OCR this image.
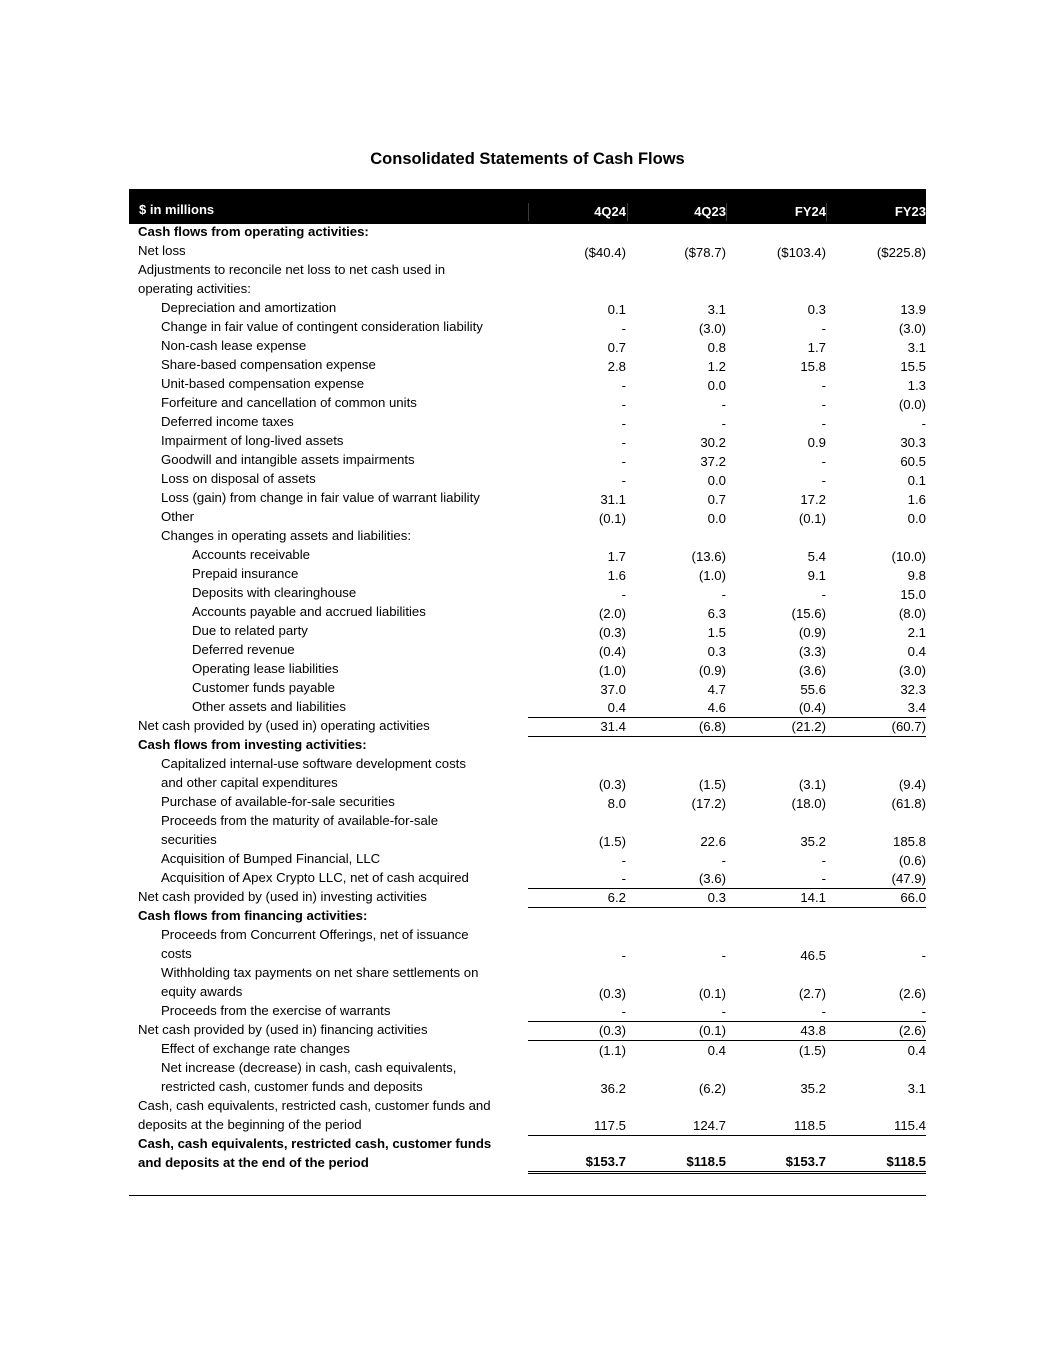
Consolidated Statements of Cash Flows
$ in millions	4Q24	4Q23	FY24	FY23
Cash flows from operating activities:
Net loss	($40.4)	($78.7)	($103.4)	($225.8)
Adjustments to reconcile net loss to net cash used in
operating activities:
Depreciation and amortization	0.1	3.1	0.3	13.9
Change in fair value of contingent consideration liability	-	(3.0)	-	(3.0)
Non-cash lease expense	0.7	0.8	1.7	3.1
Share-based compensation expense	2.8	1.2	15.8	15.5
Unit-based compensation expense	-	0.0	-	1.3
Forfeiture and cancellation of common units	-	-	-	(0.0)
Deferred income taxes	-	-	-	-
Impairment of long-lived assets	-	30.2	0.9	30.3
Goodwill and intangible assets impairments	-	37.2	-	60.5
Loss on disposal of assets	-	0.0	-	0.1
Loss (gain) from change in fair value of warrant liability	31.1	0.7	17.2	1.6
Other	(0.1)	0.0	(0.1)	0.0
Changes in operating assets and liabilities:
Accounts receivable	1.7	(13.6)	5.4	(10.0)
Prepaid insurance	1.6	(1.0)	9.1	9.8
Deposits with clearinghouse	-	-	-	15.0
Accounts payable and accrued liabilities	(2.0)	6.3	(15.6)	(8.0)
Due to related party	(0.3)	1.5	(0.9)	2.1
Deferred revenue	(0.4)	0.3	(3.3)	0.4
Operating lease liabilities	(1.0)	(0.9)	(3.6)	(3.0)
Customer funds payable	37.0	4.7	55.6	32.3
Other assets and liabilities	0.4	4.6	(0.4)	3.4
Net cash provided by (used in) operating activities	31.4	(6.8)	(21.2)	(60.7)
Cash flows from investing activities:
Capitalized internal-use software development costs
and other capital expenditures	(0.3)	(1.5)	(3.1)	(9.4)
Purchase of available-for-sale securities	8.0	(17.2)	(18.0)	(61.8)
Proceeds from the maturity of available-for-sale
securities	(1.5)	22.6	35.2	185.8
Acquisition of Bumped Financial, LLC	-	-	-	(0.6)
Acquisition of Apex Crypto LLC, net of cash acquired	-	(3.6)	-	(47.9)
Net cash provided by (used in) investing activities	6.2	0.3	14.1	66.0
Cash flows from financing activities:
Proceeds from Concurrent Offerings, net of issuance
costs	-	-	46.5	-
Withholding tax payments on net share settlements on
equity awards	(0.3)	(0.1)	(2.7)	(2.6)
Proceeds from the exercise of warrants	-	-	-	-
Net cash provided by (used in) financing activities	(0.3)	(0.1)	43.8	(2.6)
Effect of exchange rate changes	(1.1)	0.4	(1.5)	0.4
Net increase (decrease) in cash, cash equivalents,
restricted cash, customer funds and deposits	36.2	(6.2)	35.2	3.1
Cash, cash equivalents, restricted cash, customer funds and
deposits at the beginning of the period	117.5	124.7	118.5	115.4
Cash, cash equivalents, restricted cash, customer funds
and deposits at the end of the period	$153.7	$118.5	$153.7	$118.5
